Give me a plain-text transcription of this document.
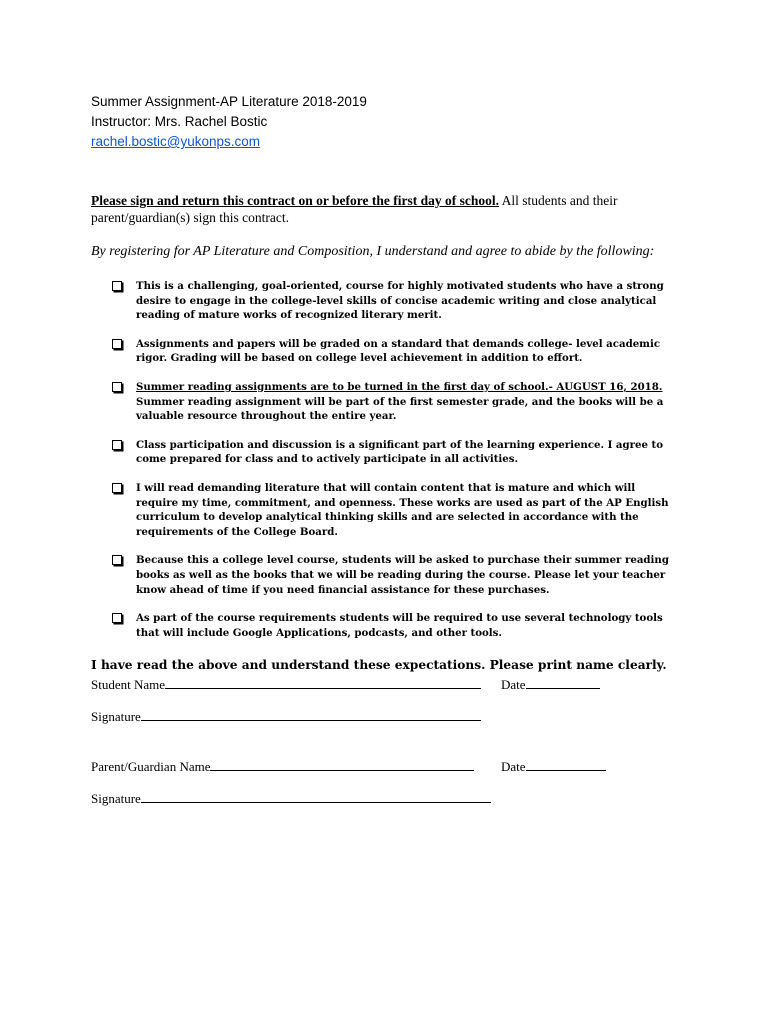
Summer Assignment-AP Literature 2018-2019
Instructor: Mrs. Rachel Bostic
rachel.bostic@yukonps.com
Please sign and return this contract on or before the first day of school. All students and their parent/guardian(s) sign this contract.
By registering for AP Literature and Composition, I understand and agree to abide by the following:
This is a challenging, goal-oriented, course for highly motivated students who have a strong desire to engage in the college-level skills of concise academic writing and close analytical reading of mature works of recognized literary merit.
Assignments and papers will be graded on a standard that demands college- level academic rigor. Grading will be based on college level achievement in addition to effort.
Summer reading assignments are to be turned in the first day of school.- AUGUST 16, 2018. Summer reading assignment will be part of the first semester grade, and the books will be a valuable resource throughout the entire year.
Class participation and discussion is a significant part of the learning experience. I agree to come prepared for class and to actively participate in all activities.
I will read demanding literature that will contain content that is mature and which will require my time, commitment, and openness. These works are used as part of the AP English curriculum to develop analytical thinking skills and are selected in accordance with the requirements of the College Board.
Because this a college level course, students will be asked to purchase their summer reading books as well as the books that we will be reading during the course. Please let your teacher know ahead of time if you need financial assistance for these purchases.
As part of the course requirements students will be required to use several technology tools that will include Google Applications, podcasts, and other tools.
I have read the above and understand these expectations. Please print name clearly.
Student Name	Date
Signature
Parent/Guardian Name	Date
Signature
